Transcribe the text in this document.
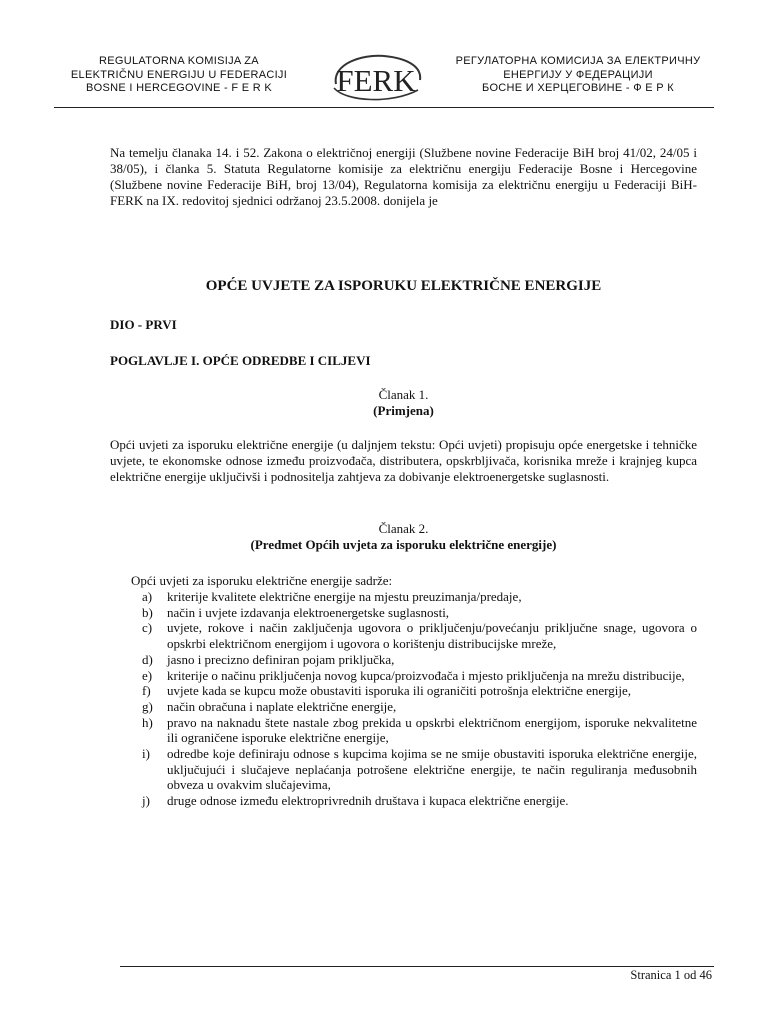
REGULATORNA KOMISIJA ZA
ELEKTRIČNU ENERGIJU U FEDERACIJI
BOSNE I HERCEGOVINE - F E R K	FERK
РЕГУЛАТОРНА КОМИСИЈА ЗА ЕЛЕКТРИЧНУ
ЕНЕРГИЈУ У ФЕДЕРАЦИЈИ
БОСНЕ И ХЕРЦЕГОВИНЕ - Ф Е Р К
Na temelju članaka 14. i 52. Zakona o električnoj energiji (Službene novine Federacije BiH broj 41/02, 24/05 i 38/05), i članka 5. Statuta Regulatorne komisije za električnu energiju Federacije Bosne i Hercegovine (Službene novine Federacije BiH, broj 13/04), Regulatorna komisija za električnu energiju u Federaciji BiH-FERK na IX. redovitoj sjednici održanoj 23.5.2008. donijela je
OPĆE UVJETE ZA ISPORUKU ELEKTRIČNE ENERGIJE
DIO - PRVI
POGLAVLJE I. OPĆE ODREDBE I CILJEVI
Članak 1.
(Primjena)
Opći uvjeti za isporuku električne energije (u daljnjem tekstu: Opći uvjeti) propisuju opće energetske i tehničke uvjete, te ekonomske odnose između proizvođača, distributera, opskrbljivača, korisnika mreže i krajnjeg kupca električne energije uključivši i podnositelja zahtjeva za dobivanje elektroenergetske suglasnosti.
Članak 2.
(Predmet Općih uvjeta za isporuku električne energije)
Opći uvjeti za isporuku električne energije sadrže:
a) kriterije kvalitete električne energije na mjestu preuzimanja/predaje,
b) način i uvjete izdavanja elektroenergetske suglasnosti,
c) uvjete, rokove i način zaključenja ugovora o priključenju/povećanju priključne snage, ugovora o opskrbi električnom energijom i ugovora o korištenju distribucijske mreže,
d) jasno i precizno definiran pojam priključka,
e) kriterije o načinu priključenja novog kupca/proizvođača i mjesto priključenja na mrežu distribucije,
f) uvjete kada se kupcu može obustaviti isporuka ili ograničiti potrošnja električne energije,
g) način obračuna i naplate električne energije,
h) pravo na naknadu štete nastale zbog prekida u opskrbi električnom energijom, isporuke nekvalitetne ili ograničene isporuke električne energije,
i) odredbe koje definiraju odnose s kupcima kojima se ne smije obustaviti isporuka električne energije, uključujući i slučajeve neplaćanja potrošene električne energije, te način reguliranja međusobnih obveza u ovakvim slučajevima,
j) druge odnose između elektroprivrednih društava i kupaca električne energije.
Stranica 1 od 46
